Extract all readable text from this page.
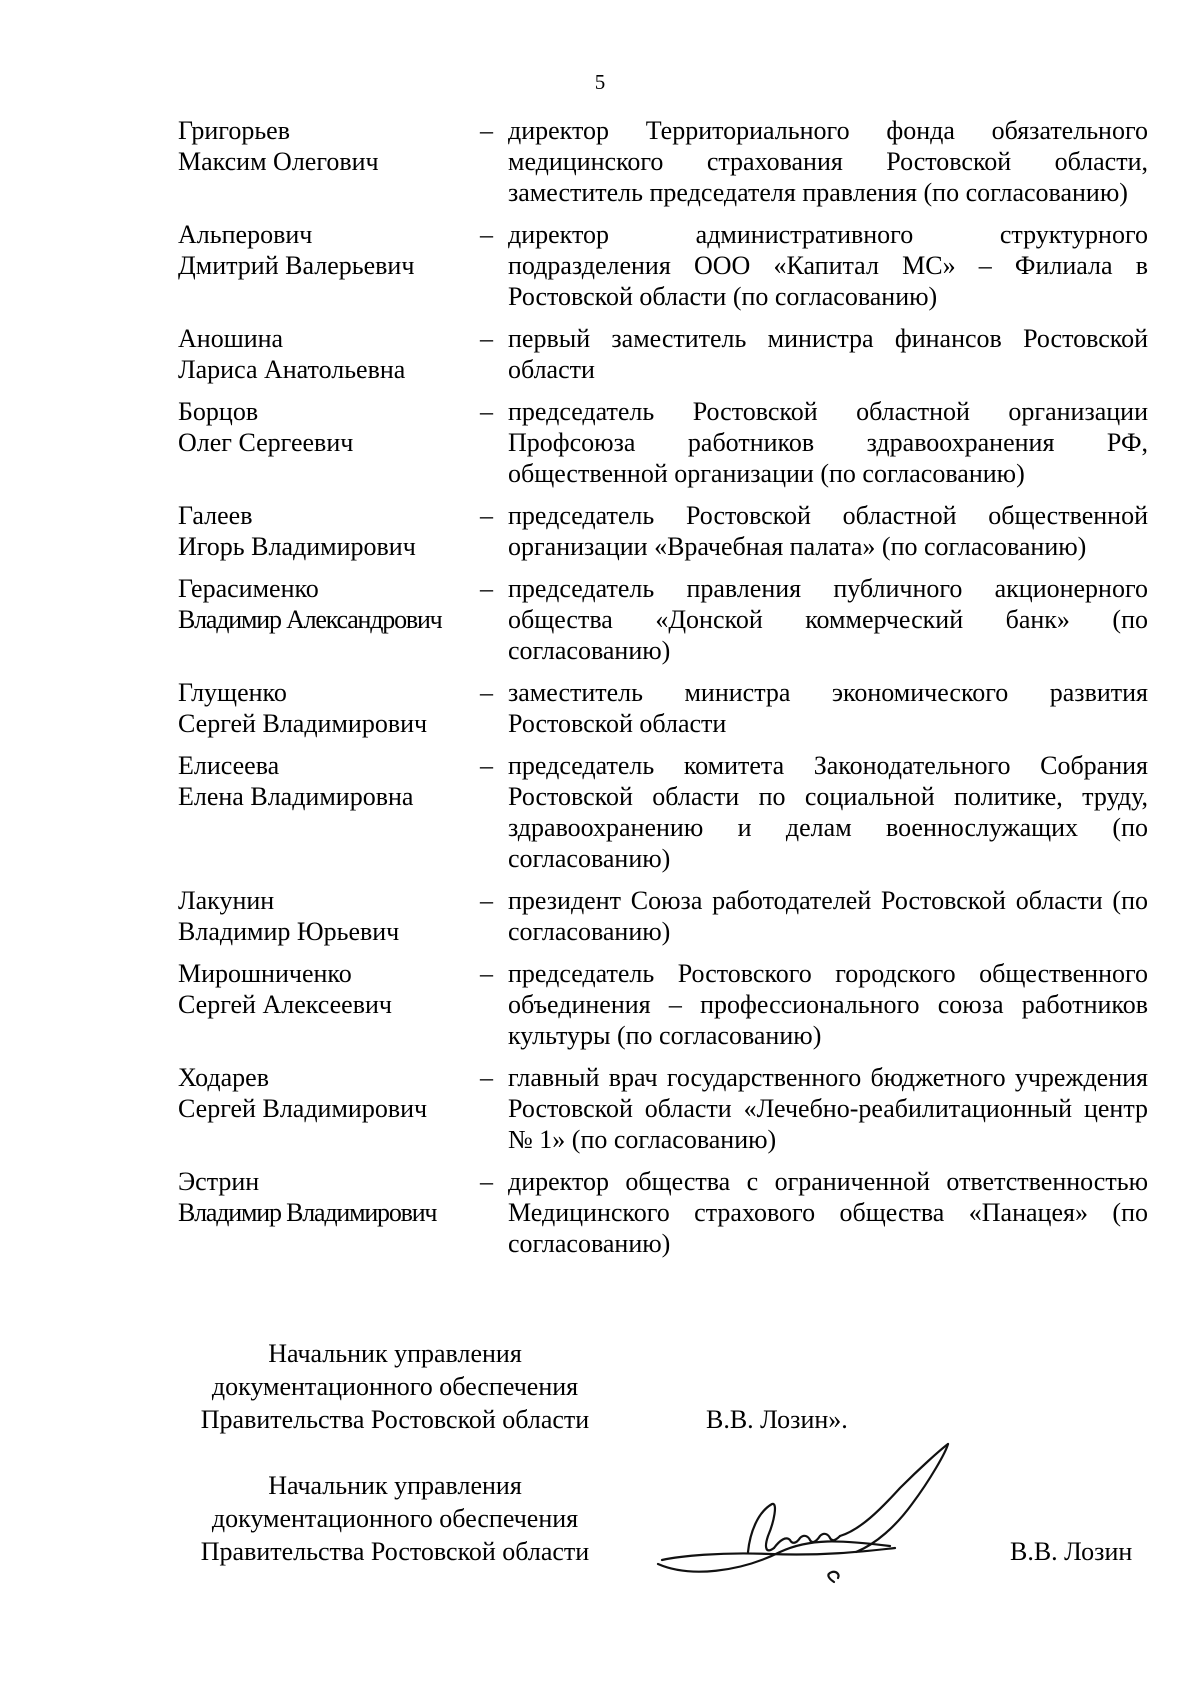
5
Григорьев
Максим Олегович
– директор Территориального фонда обязательного медицинского страхования Ростовской области, заместитель председателя правления (по согласованию)
Альперович
Дмитрий Валерьевич
– директор административного структурного подразделения ООО «Капитал МС» – Филиала в Ростовской области (по согласованию)
Аношина
Лариса Анатольевна
– первый заместитель министра финансов Ростовской области
Борцов
Олег Сергеевич
– председатель Ростовской областной организации Профсоюза работников здравоохранения РФ, общественной организации (по согласованию)
Галеев
Игорь Владимирович
– председатель Ростовской областной общественной организации «Врачебная палата» (по согласованию)
Герасименко
Владимир Александрович
– председатель правления публичного акционерного общества «Донской коммерческий банк» (по согласованию)
Глущенко
Сергей Владимирович
– заместитель министра экономического развития Ростовской области
Елисеева
Елена Владимировна
– председатель комитета Законодательного Собрания Ростовской области по социальной политике, труду, здравоохранению и делам военнослужащих (по согласованию)
Лакунин
Владимир Юрьевич
– президент Союза работодателей Ростовской области (по согласованию)
Мирошниченко
Сергей Алексеевич
– председатель Ростовского городского общественного объединения – профессионального союза работников культуры (по согласованию)
Ходарев
Сергей Владимирович
– главный врач государственного бюджетного учреждения Ростовской области «Лечебно-реабилитационный центр № 1» (по согласованию)
Эстрин
Владимир Владимирович
– директор общества с ограниченной ответственностью Медицинского страхового общества «Панацея» (по согласованию)
Начальник управления
документационного обеспечения
Правительства Ростовской области	В.В. Лозин».
Начальник управления
документационного обеспечения
Правительства Ростовской области	В.В. Лозин
